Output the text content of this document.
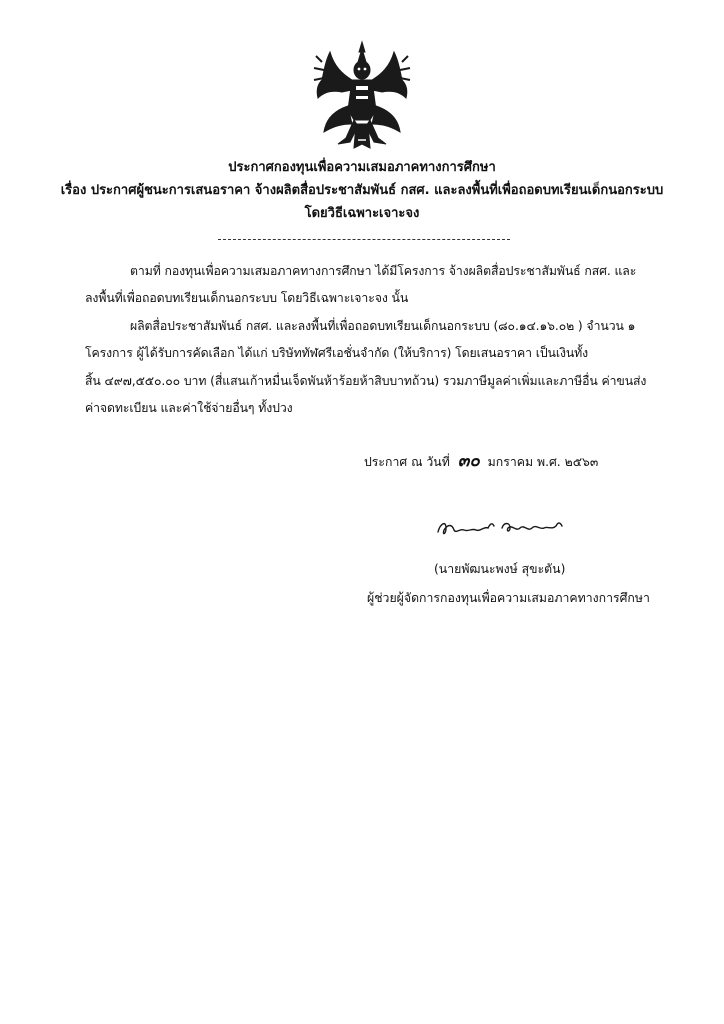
ประกาศกองทุนเพื่อความเสมอภาคทางการศึกษา
เรื่อง ประกาศผู้ชนะการเสนอราคา จ้างผลิตสื่อประชาสัมพันธ์ กสศ. และลงพื้นที่เพื่อถอดบทเรียนเด็กนอกระบบ
โดยวิธีเฉพาะเจาะจง
ตามที่ กองทุนเพื่อความเสมอภาคทางการศึกษา ได้มีโครงการ จ้างผลิตสื่อประชาสัมพันธ์ กสศ. และ
ลงพื้นที่เพื่อถอดบทเรียนเด็กนอกระบบ โดยวิธีเฉพาะเจาะจง นั้น
ผลิตสื่อประชาสัมพันธ์ กสศ. และลงพื้นที่เพื่อถอดบทเรียนเด็กนอกระบบ (๘๐.๑๔.๑๖.๐๒ ) จำนวน ๑
โครงการ ผู้ได้รับการคัดเลือก ได้แก่ บริษัททัฬศรีเอชั่นจำกัด (ให้บริการ) โดยเสนอราคา เป็นเงินทั้ง
สิ้น ๔๙๗,๕๕๐.๐๐ บาท (สี่แสนเก้าหมื่นเจ็ดพันห้าร้อยห้าสิบบาทถ้วน) รวมภาษีมูลค่าเพิ่มและภาษีอื่น ค่าขนส่ง
ค่าจดทะเบียน และค่าใช้จ่ายอื่นๆ ทั้งปวง
ประกาศ ณ วันที่ ๓๐ มกราคม พ.ศ. ๒๕๖๓
(นายพัฒนะพงษ์ สุขะตัน)
ผู้ช่วยผู้จัดการกองทุนเพื่อความเสมอภาคทางการศึกษา
